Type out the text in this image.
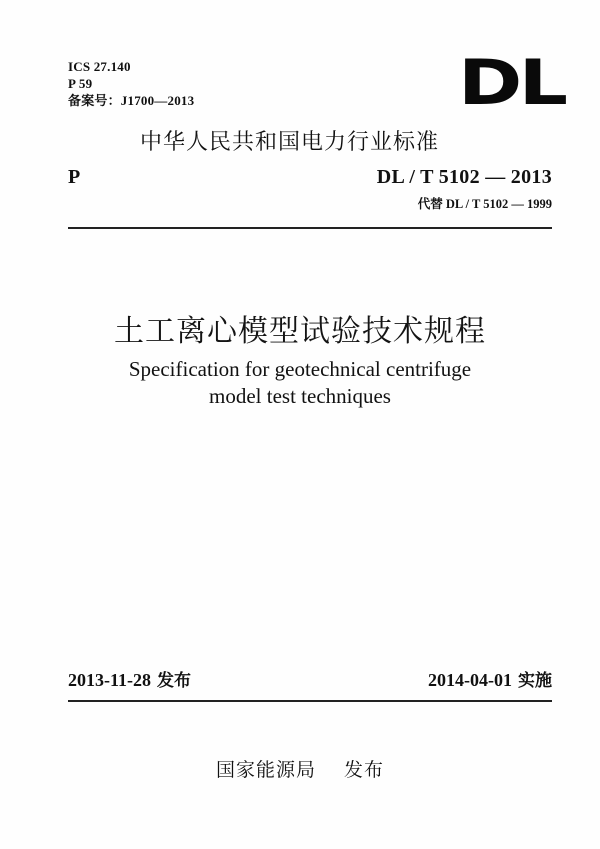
ICS 27.140
P 59
备案号：J1700—2013	DL
中华人民共和国电力行业标准
P	DL / T 5102 — 2013
代替 DL / T 5102 — 1999
土工离心模型试验技术规程
Specification for geotechnical centrifuge
model test techniques
2013-11-28 发布	2014-04-01 实施
国家能源局 发布
